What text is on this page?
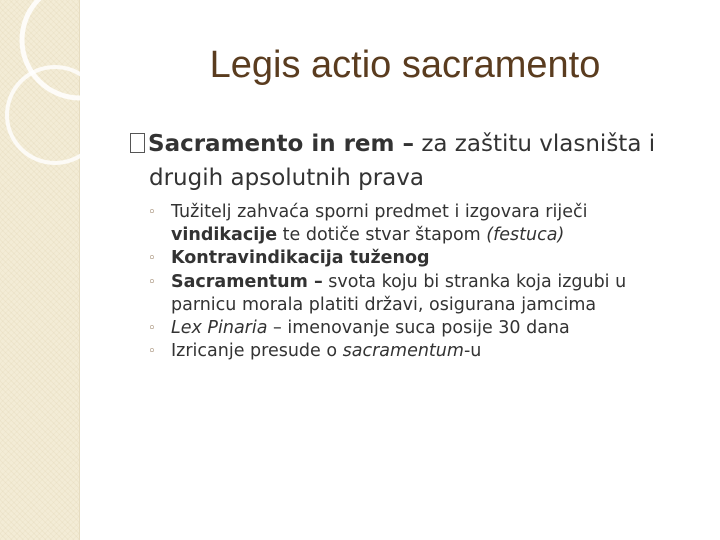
Legis actio sacramento
Sacramento in rem – za zaštitu vlasništa i
drugih apsolutnih prava
◦ Tužitelj zahvaća sporni predmet i izgovara riječi
vindikacije te dotiče stvar štapom (festuca)
◦ Kontravindikacija tuženog
◦ Sacramentum – svota koju bi stranka koja izgubi u
parnicu morala platiti državi, osigurana jamcima
◦ Lex Pinaria – imenovanje suca posije 30 dana
◦ Izricanje presude o sacramentum-u
